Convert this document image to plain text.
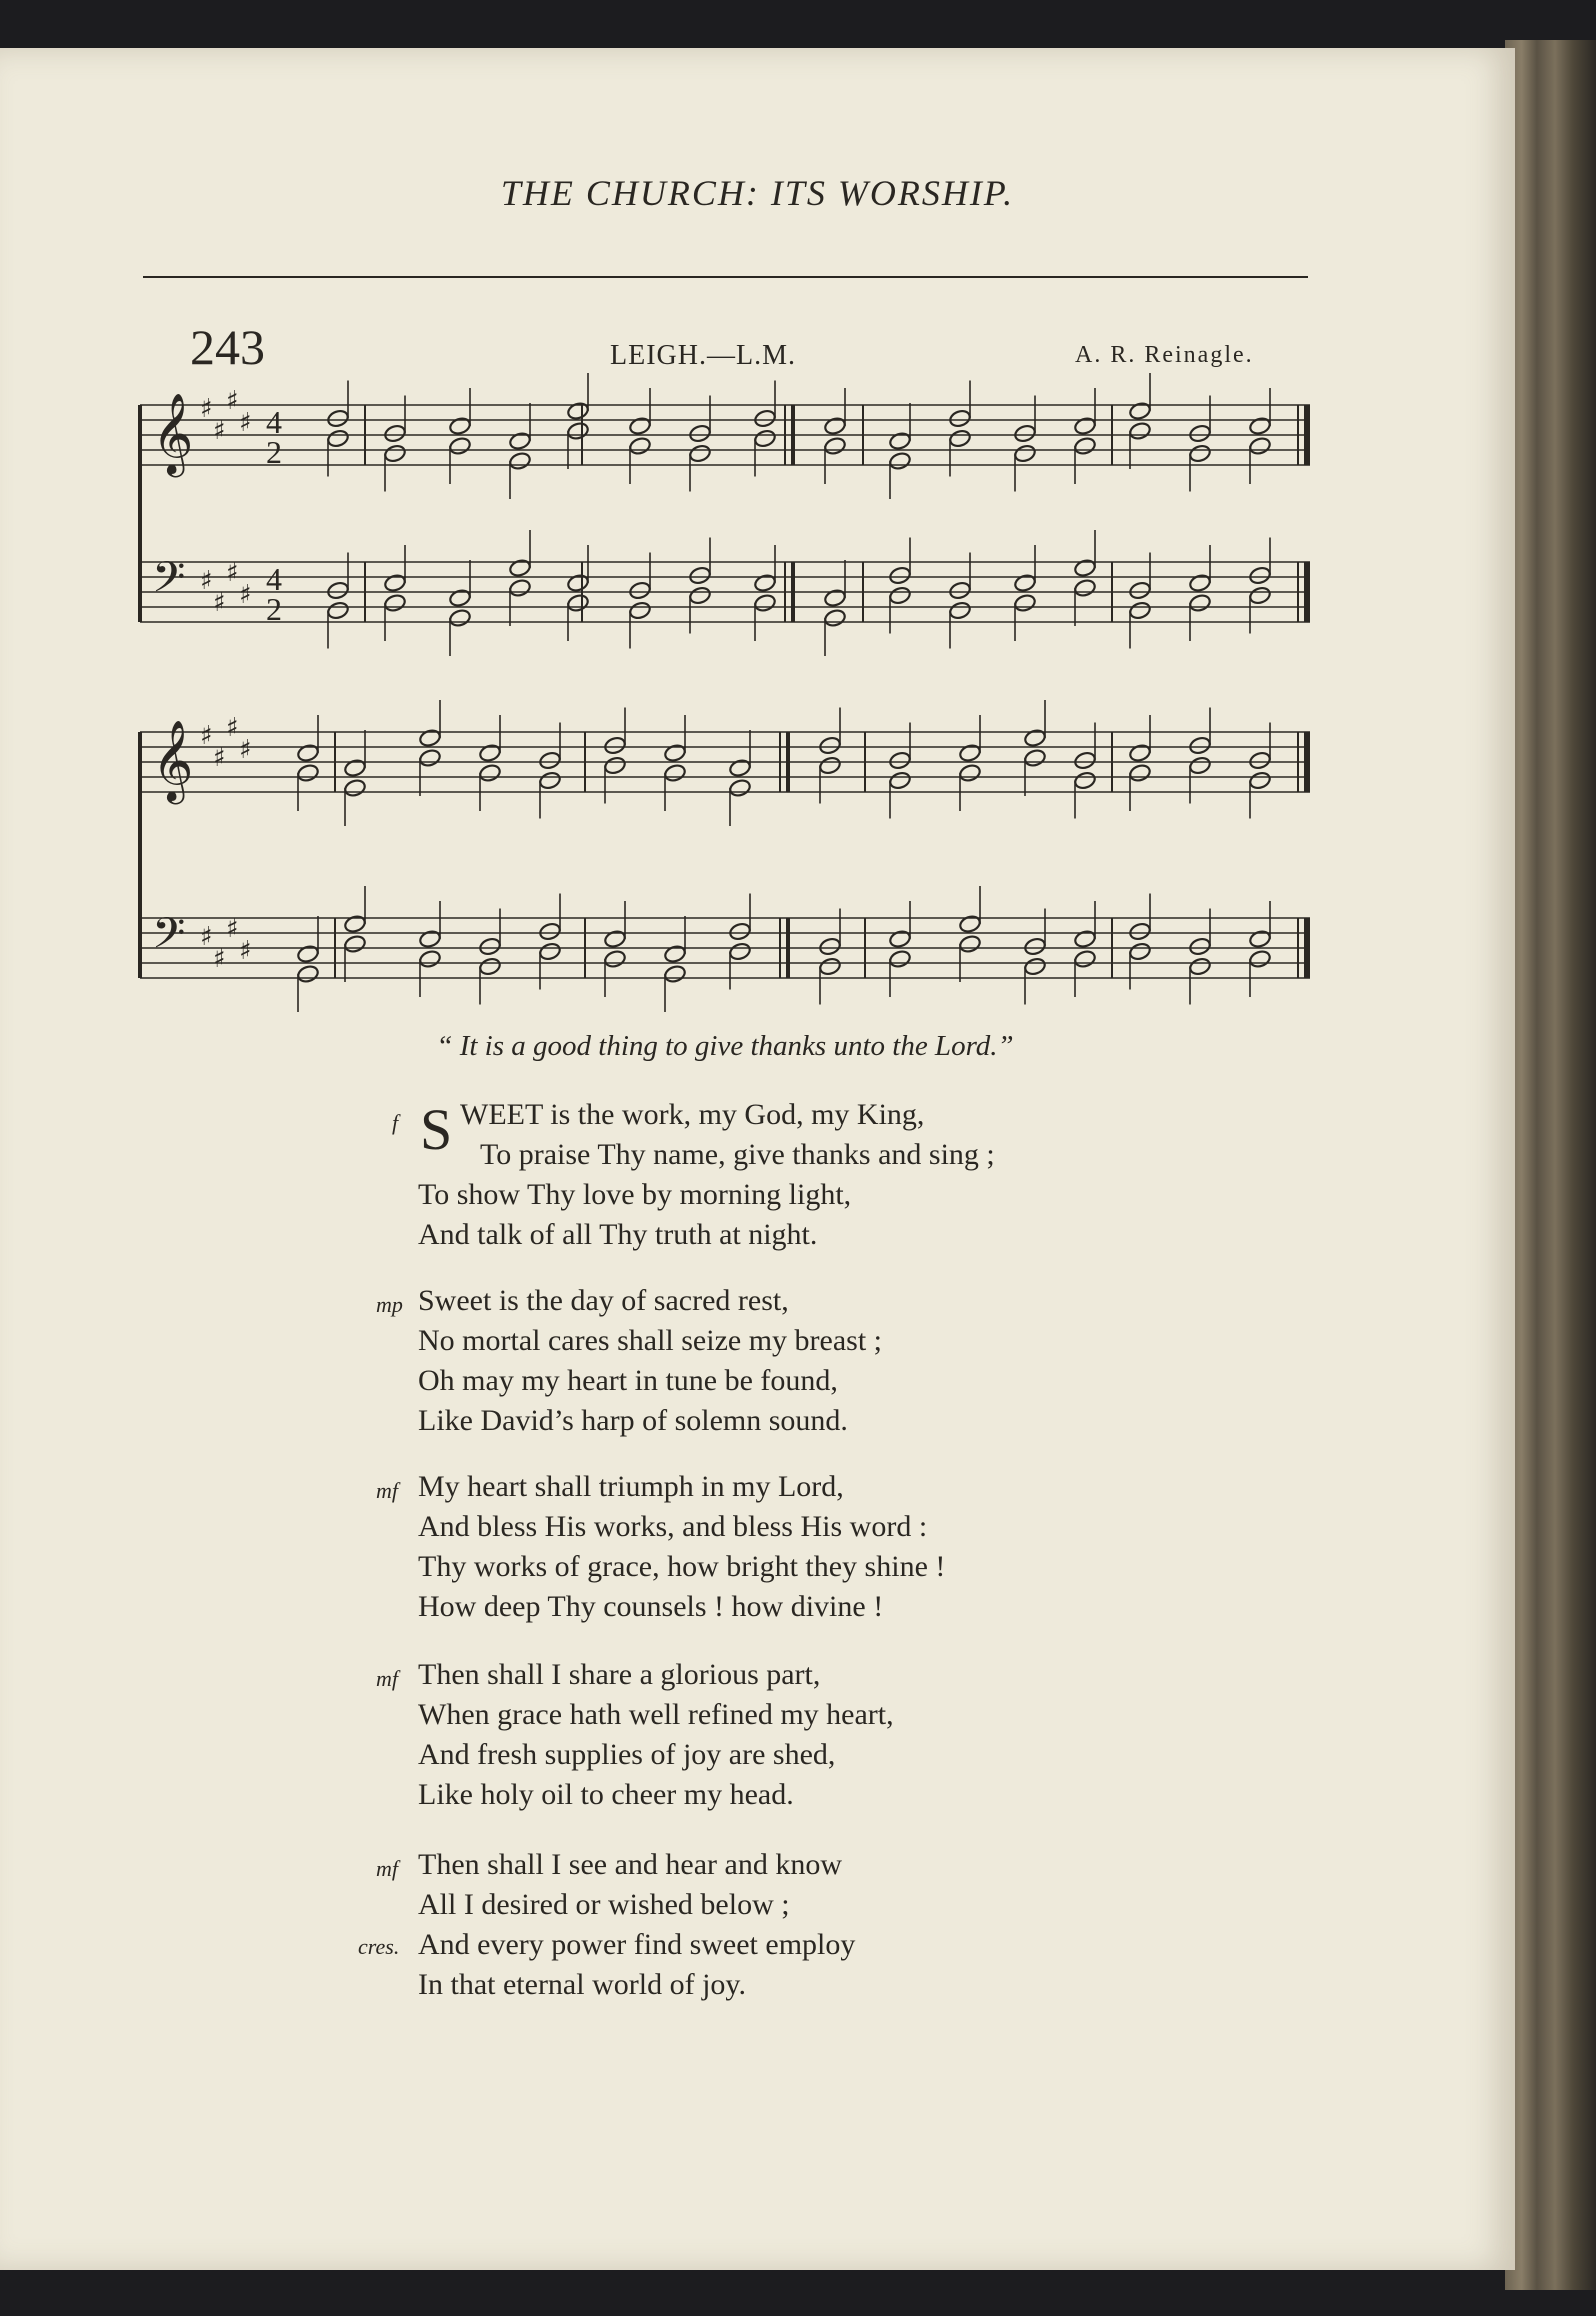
THE CHURCH: ITS WORSHIP.
243	LEIGH.—L.M.	A. R. Reinagle.
𝄞 ♯
♯
♯
♯ 4
2
𝄢 ♯
♯
♯
♯ 4
2
𝄞 ♯
♯
♯
♯
𝄢 ♯
♯
♯
♯
“ It is a good thing to give thanks unto the Lord.”
f S WEET is the work, my God, my King,
To praise Thy name, give thanks and sing ;
To show Thy love by morning light,
And talk of all Thy truth at night.
mp Sweet is the day of sacred rest,
No mortal cares shall seize my breast ;
Oh may my heart in tune be found,
Like David’s harp of solemn sound.
mf My heart shall triumph in my Lord,
And bless His works, and bless His word :
Thy works of grace, how bright they shine !
How deep Thy counsels ! how divine !
mf Then shall I share a glorious part,
When grace hath well refined my heart,
And fresh supplies of joy are shed,
Like holy oil to cheer my head.
mf Then shall I see and hear and know
All I desired or wished below ;
cres. And every power find sweet employ
In that eternal world of joy.
